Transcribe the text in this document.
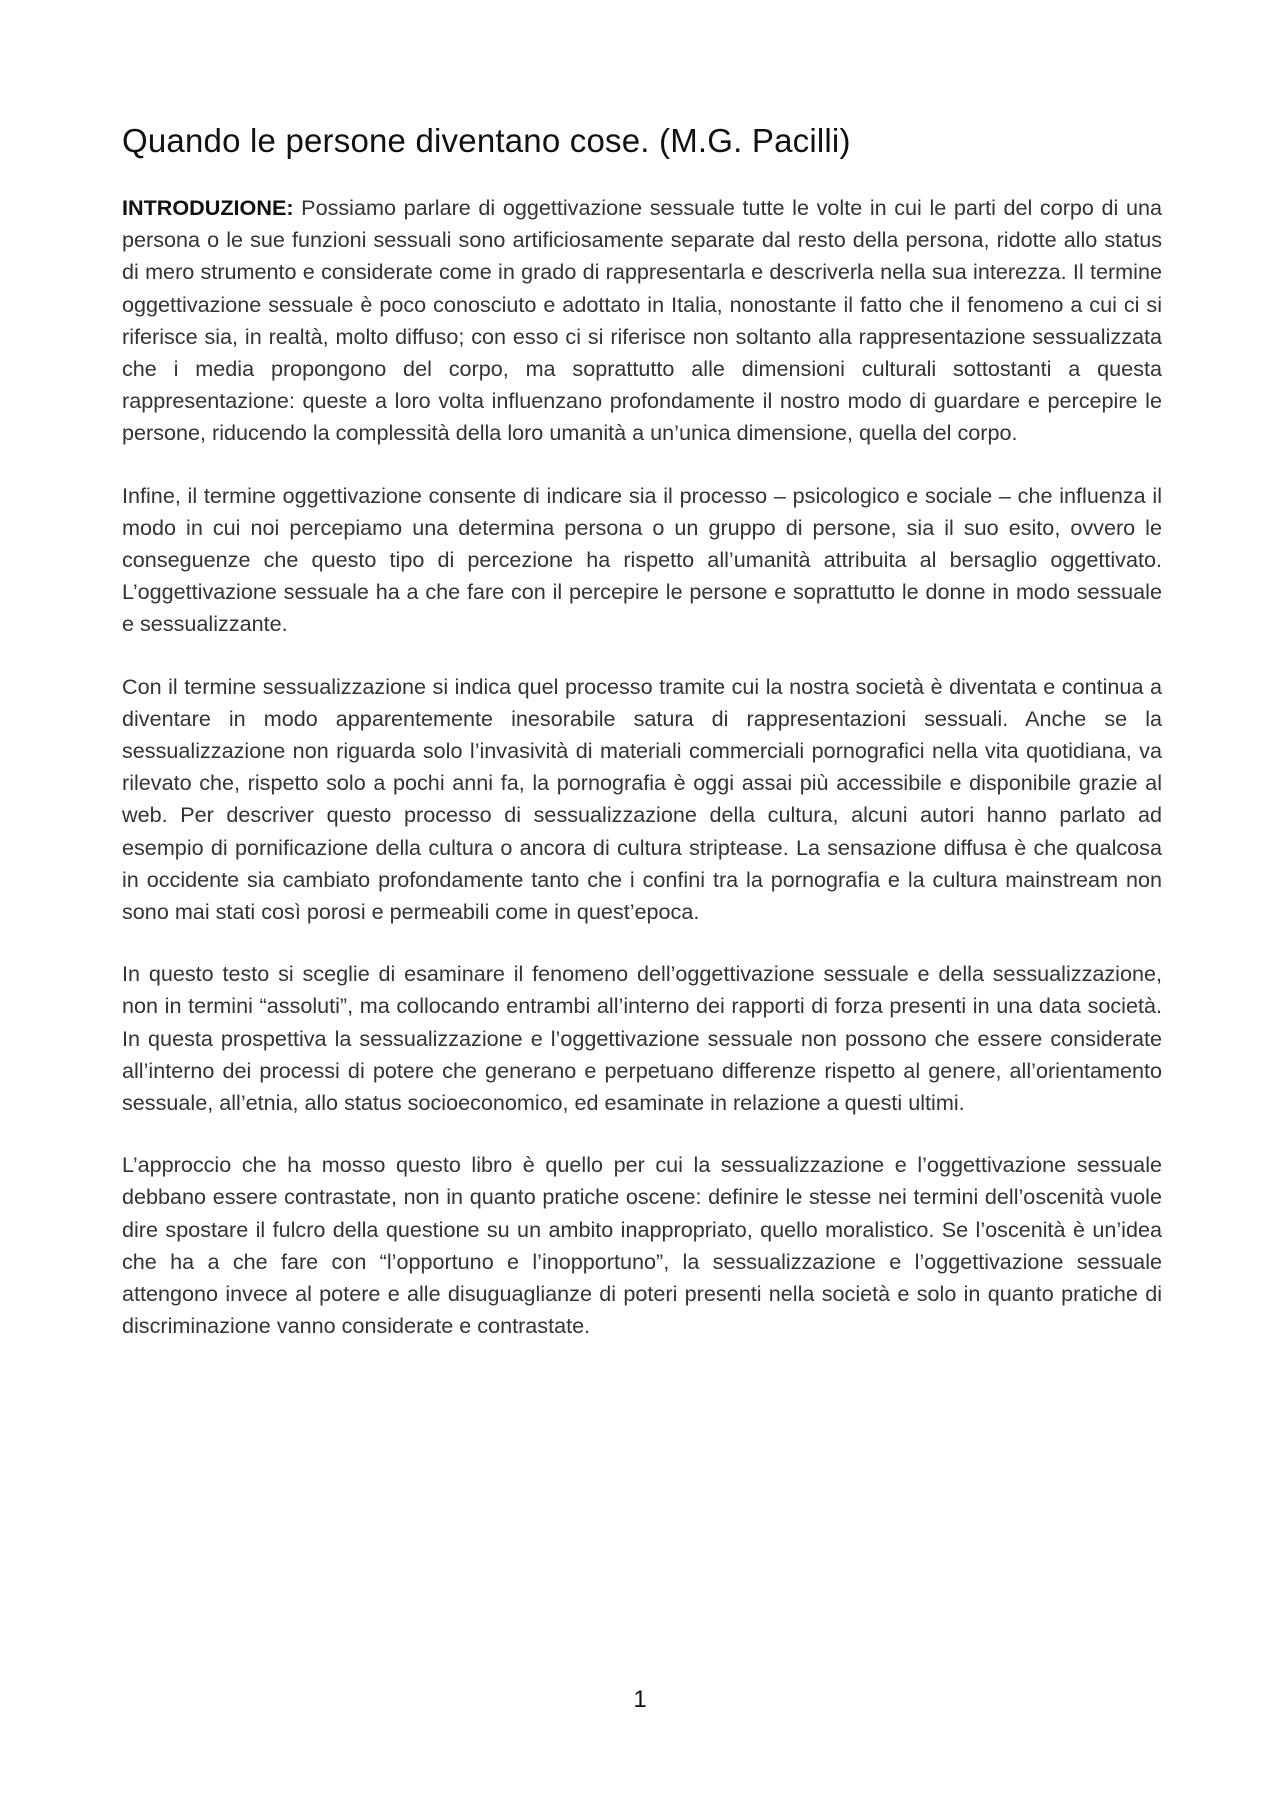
Quando le persone diventano cose. (M.G. Pacilli)

INTRODUZIONE: Possiamo parlare di oggettivazione sessuale tutte le volte in cui le parti del corpo di una persona o le sue funzioni sessuali sono artificiosamente separate dal resto della persona, ridotte allo status di mero strumento e considerate come in grado di rappresentarla e descriverla nella sua interezza. Il termine oggettivazione sessuale è poco conosciuto e adottato in Italia, nonostante il fatto che il fenomeno a cui ci si riferisce sia, in realtà, molto diffuso; con esso ci si riferisce non soltanto alla rappresentazione sessualizzata che i media propongono del corpo, ma soprattutto alle dimensioni culturali sottostanti a questa rappresentazione: queste a loro volta influenzano profondamente il nostro modo di guardare e percepire le persone, riducendo la complessità della loro umanità a un’unica dimensione, quella del corpo.

Infine, il termine oggettivazione consente di indicare sia il processo – psicologico e sociale – che influenza il modo in cui noi percepiamo una determina persona o un gruppo di persone, sia il suo esito, ovvero le conseguenze che questo tipo di percezione ha rispetto all’umanità attribuita al bersaglio oggettivato. L’oggettivazione sessuale ha a che fare con il percepire le persone e soprattutto le donne in modo sessuale e sessualizzante.

Con il termine sessualizzazione si indica quel processo tramite cui la nostra società è diventata e continua a diventare in modo apparentemente inesorabile satura di rappresentazioni sessuali. Anche se la sessualizzazione non riguarda solo l’invasività di materiali commerciali pornografici nella vita quotidiana, va rilevato che, rispetto solo a pochi anni fa, la pornografia è oggi assai più accessibile e disponibile grazie al web. Per descriver questo processo di sessualizzazione della cultura, alcuni autori hanno parlato ad esempio di pornificazione della cultura o ancora di cultura striptease. La sensazione diffusa è che qualcosa in occidente sia cambiato profondamente tanto che i confini tra la pornografia e la cultura mainstream non sono mai stati così porosi e permeabili come in quest’epoca.

In questo testo si sceglie di esaminare il fenomeno dell’oggettivazione sessuale e della sessualizzazione, non in termini “assoluti”, ma collocando entrambi all’interno dei rapporti di forza presenti in una data società. In questa prospettiva la sessualizzazione e l’oggettivazione sessuale non possono che essere considerate all’interno dei processi di potere che generano e perpetuano differenze rispetto al genere, all’orientamento sessuale, all’etnia, allo status socioeconomico, ed esaminate in relazione a questi ultimi.

L’approccio che ha mosso questo libro è quello per cui la sessualizzazione e l’oggettivazione sessuale debbano essere contrastate, non in quanto pratiche oscene: definire le stesse nei termini dell’oscenità vuole dire spostare il fulcro della questione su un ambito inappropriato, quello moralistico. Se l’oscenità è un’idea che ha a che fare con “l’opportuno e l’inopportuno”, la sessualizzazione e l’oggettivazione sessuale attengono invece al potere e alle disuguaglianze di poteri presenti nella società e solo in quanto pratiche di discriminazione vanno considerate e contrastate.

1
